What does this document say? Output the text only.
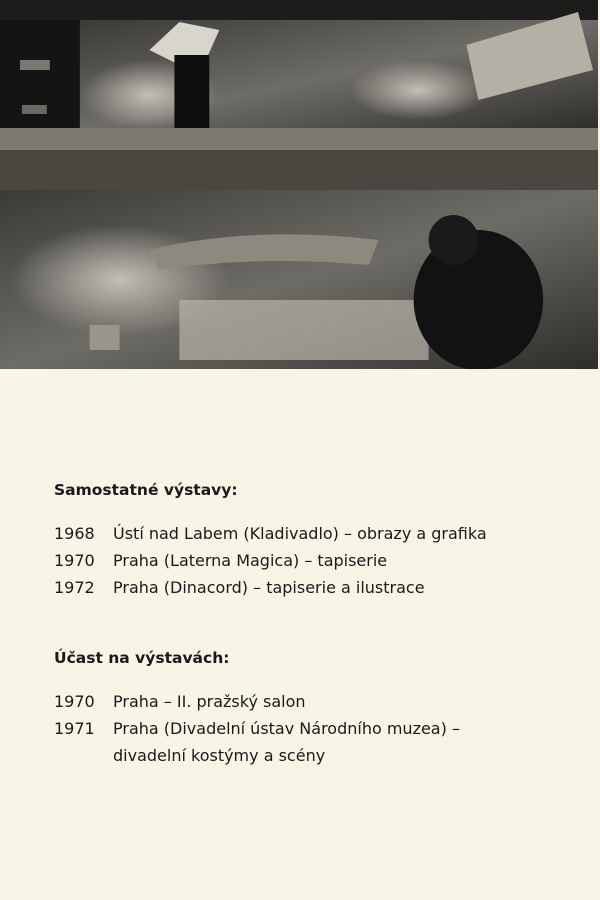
Samostatné výstavy:
1968	Ústí nad Labem (Kladivadlo) – obrazy a grafika
1970	Praha (Laterna Magica) – tapiserie
1972	Praha (Dinacord) – tapiserie a ilustrace
Účast na výstavách:
1970	Praha – II. pražský salon
1971	Praha (Divadelní ústav Národního muzea) –
divadelní kostýmy a scény
